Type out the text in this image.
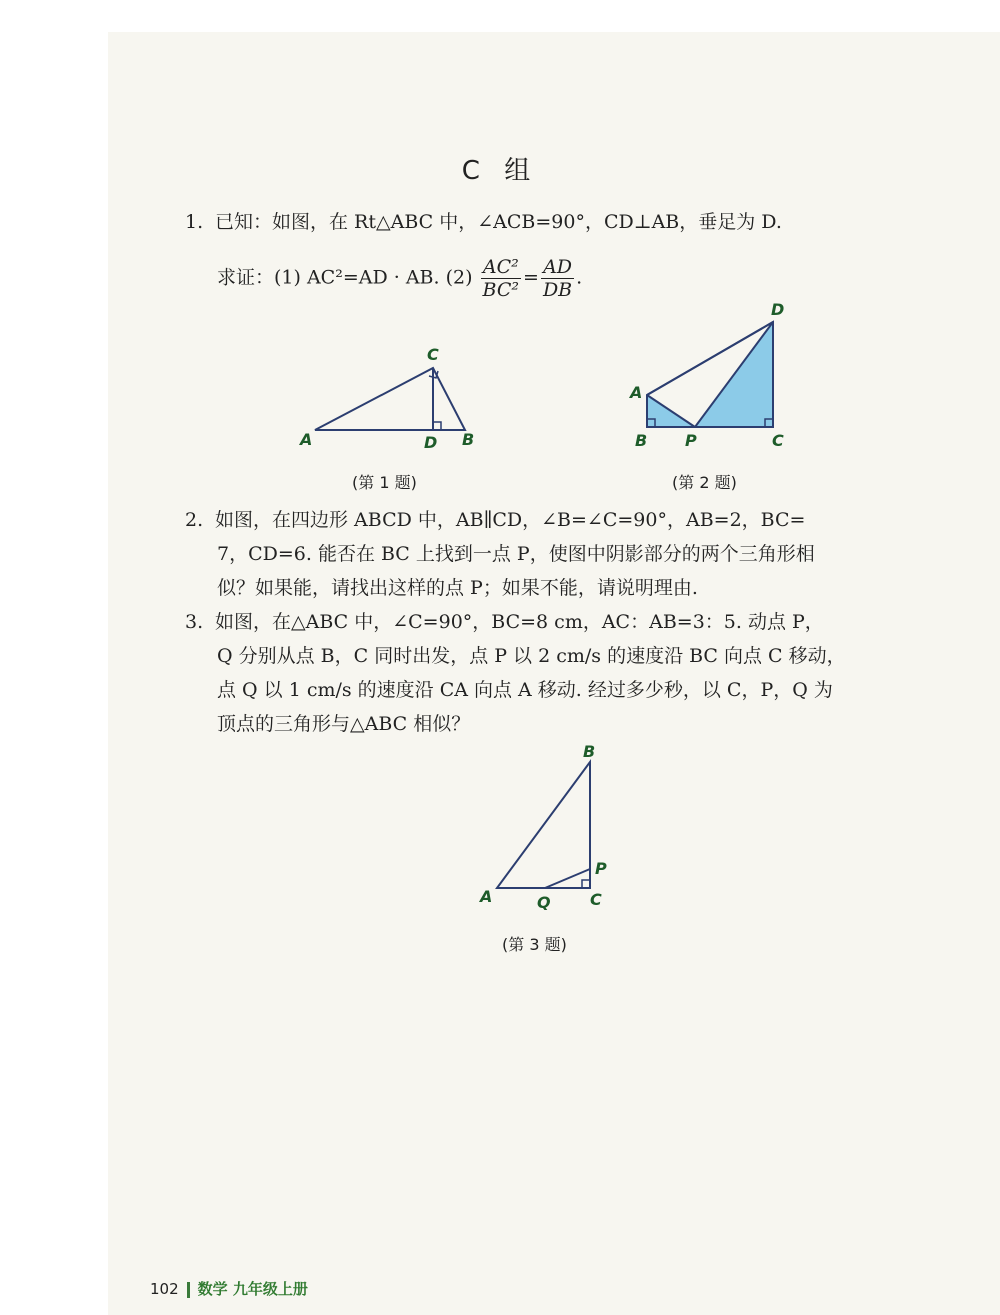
C 组
1. 已知：如图，在 Rt△ABC 中，∠ACB=90°，CD⊥AB，垂足为 D.
求证：(1) AC²=AD · AB. $(2) \frac{\text{AC²}}{\text{BC²}} = \frac{AD}{DB}$ .
A	B
C
D
(第 1 题)
A
B	C
D
P
(第 2 题)
2. 如图，在四边形 ABCD 中，AB∥CD，∠B=∠C=90°，AB=2，BC=
7，CD=6. 能否在 BC 上找到一点 P，使图中阴影部分的两个三角形相
似？如果能，请找出这样的点 P；如果不能，请说明理由.
3. 如图，在△ABC 中，∠C=90°，BC=8 cm，AC：AB=3：5. 动点 P，
Q 分别从点 B，C 同时出发，点 P 以 2 cm/s 的速度沿 BC 向点 C 移动，
点 Q 以 1 cm/s 的速度沿 CA 向点 A 移动. 经过多少秒，以 C，P，Q 为
顶点的三角形与△ABC 相似？
A
B
C
P
Q
(第 3 题)
102 数学 九年级上册
